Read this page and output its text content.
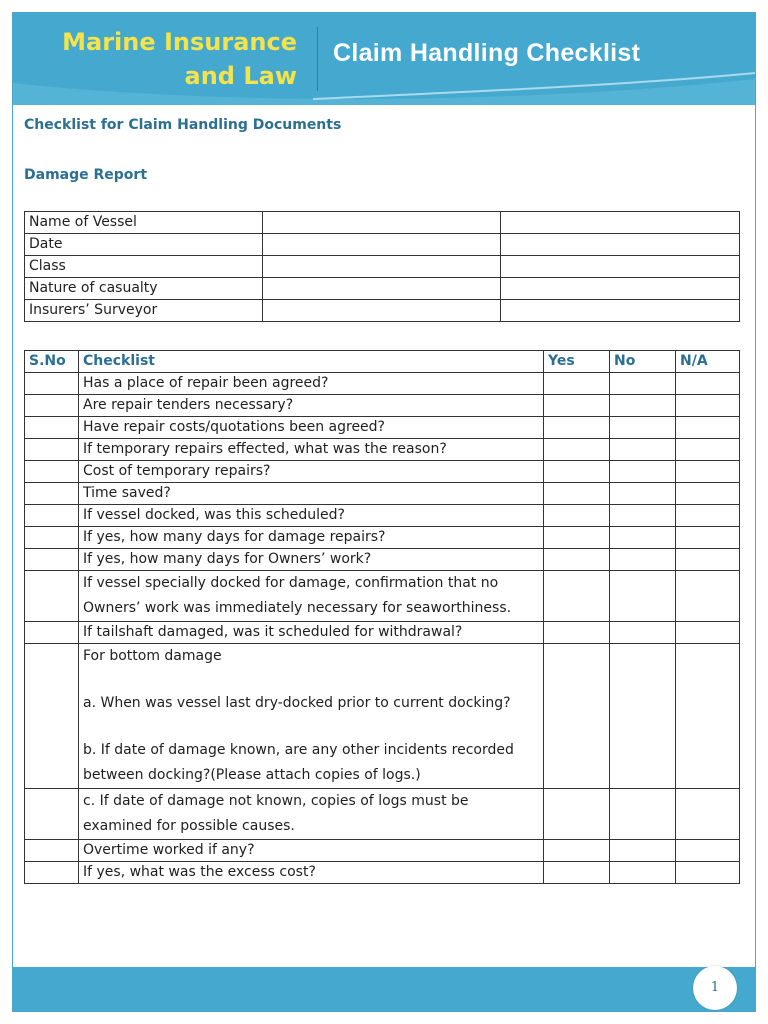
Marine Insurance
and Law
Claim Handling Checklist
Checklist for Claim Handling Documents
Damage Report
Name of Vessel		
Date		
Class		
Nature of casualty		
Insurers’ Surveyor		
S.No	Checklist	Yes	No	N/A
	Has a place of repair been agreed?			
	Are repair tenders necessary?			
	Have repair costs/quotations been agreed?			
	If temporary repairs effected, what was the reason?			
	Cost of temporary repairs?			
	Time saved?			
	If vessel docked, was this scheduled?			
	If yes, how many days for damage repairs?			
	If yes, how many days for Owners’ work?			
	If vessel specially docked for damage, confirmation that no Owners’ work was immediately necessary for seaworthiness.			
	If tailshaft damaged, was it scheduled for withdrawal?			

	For bottom damage
a. When was vessel last dry-docked prior to current docking?
b. If date of damage known, are any other incidents recorded between docking?(Please attach copies of logs.)			

	c. If date of damage not known, copies of logs must be examined for possible causes.			
	Overtime worked if any?			
	If yes, what was the excess cost?			
1
